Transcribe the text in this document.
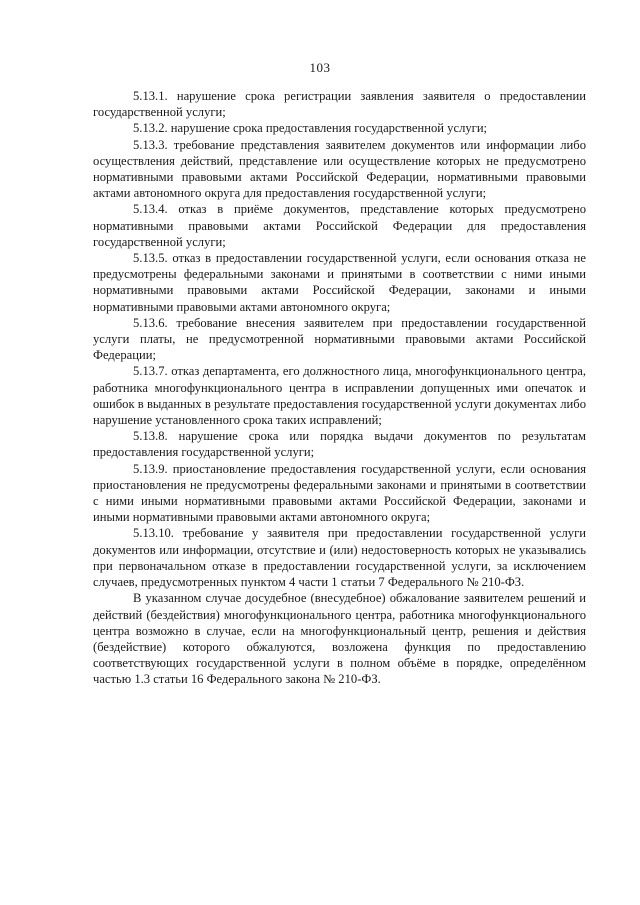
103

5.13.1. нарушение срока регистрации заявления заявителя о предоставлении государственной услуги;

5.13.2. нарушение срока предоставления государственной услуги;

5.13.3. требование представления заявителем документов или информации либо осуществления действий, представление или осуществление которых не предусмотрено нормативными правовыми актами Российской Федерации, нормативными правовыми актами автономного округа для предоставления государственной услуги;

5.13.4. отказ в приёме документов, представление которых предусмотрено нормативными правовыми актами Российской Федерации для предоставления государственной услуги;

5.13.5. отказ в предоставлении государственной услуги, если основания отказа не предусмотрены федеральными законами и принятыми в соответствии с ними иными нормативными правовыми актами Российской Федерации, законами и иными нормативными правовыми актами автономного округа;

5.13.6. требование внесения заявителем при предоставлении государственной услуги платы, не предусмотренной нормативными правовыми актами Российской Федерации;

5.13.7. отказ департамента, его должностного лица, многофункционального центра, работника многофункционального центра в исправлении допущенных ими опечаток и ошибок в выданных в результате предоставления государственной услуги документах либо нарушение установленного срока таких исправлений;

5.13.8. нарушение срока или порядка выдачи документов по результатам предоставления государственной услуги;

5.13.9. приостановление предоставления государственной услуги, если основания приостановления не предусмотрены федеральными законами и принятыми в соответствии с ними иными нормативными правовыми актами Российской Федерации, законами и иными нормативными правовыми актами автономного округа;

5.13.10. требование у заявителя при предоставлении государственной услуги документов или информации, отсутствие и (или) недостоверность которых не указывались при первоначальном отказе в предоставлении государственной услуги, за исключением случаев, предусмотренных пунктом 4 части 1 статьи 7 Федерального № 210-ФЗ.

В указанном случае досудебное (внесудебное) обжалование заявителем решений и действий (бездействия) многофункционального центра, работника многофункционального центра возможно в случае, если на многофункциональный центр, решения и действия (бездействие) которого обжалуются, возложена функция по предоставлению соответствующих государственной услуги в полном объёме в порядке, определённом частью 1.3 статьи 16 Федерального закона № 210-ФЗ.
